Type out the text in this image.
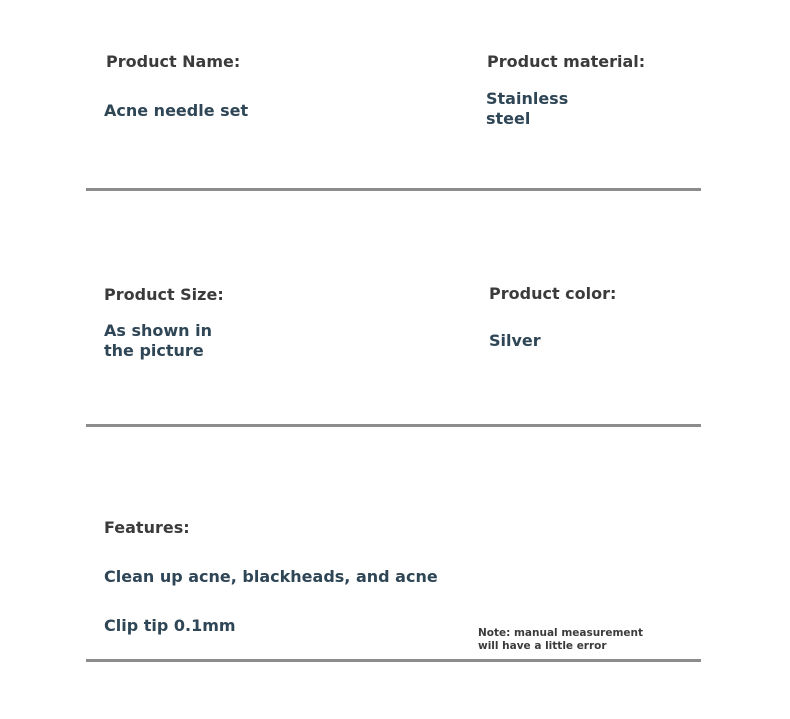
Product Name:
Acne needle set
Product material:
Stainless
steel
Product Size:
As shown in
the picture
Product color:
Silver
Features:
Clean up acne, blackheads, and acne
Clip tip 0.1mm	Note: manual measurement
will have a little error
